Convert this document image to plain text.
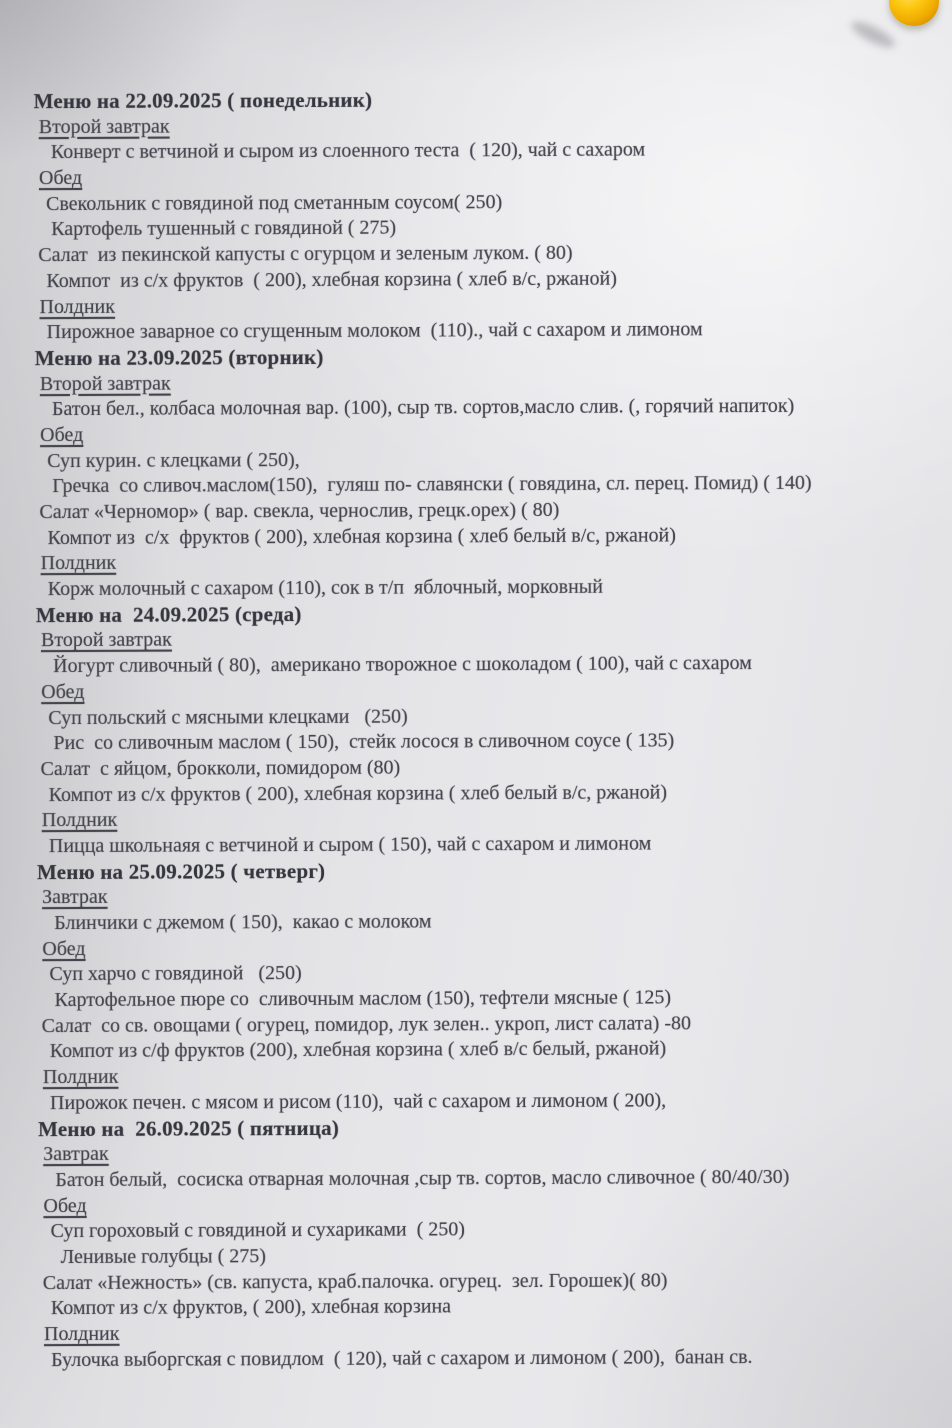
Меню на 22.09.2025 ( понедельник)
Второй завтрак
Конверт с ветчиной и сыром из слоенного теста  ( 120), чай с сахаром
Обед
Свекольник с говядиной под сметанным соусом( 250)
Картофель тушенный с говядиной ( 275)
Салат  из пекинской капусты с огурцом и зеленым луком. ( 80)
Компот  из с/х фруктов  ( 200), хлебная корзина ( хлеб в/с, ржаной)
Полдник
Пирожное заварное со сгущенным молоком  (110)., чай с сахаром и лимоном
Меню на 23.09.2025 (вторник)
Второй завтрак
Батон бел., колбаса молочная вар. (100), сыр тв. сортов,масло слив. (, горячий напиток)
Обед
Суп курин. с клецками ( 250),
Гречка  со сливоч.маслом(150),  гуляш по- славянски ( говядина, сл. перец. Помид) ( 140)
Салат «Черномор» ( вар. свекла, чернослив, грецк.орех) ( 80)
Компот из  с/х  фруктов ( 200), хлебная корзина ( хлеб белый в/с, ржаной)
Полдник
Корж молочный с сахаром (110), сок в т/п  яблочный, морковный
Меню на  24.09.2025 (среда)
Второй завтрак
Йогурт сливочный ( 80),  американо творожное с шоколадом ( 100), чай с сахаром
Обед
Суп польский с мясными клецками   (250)
Рис  со сливочным маслом ( 150),  стейк лосося в сливочном соусе ( 135)
Салат  с яйцом, брокколи, помидором (80)
Компот из с/х фруктов ( 200), хлебная корзина ( хлеб белый в/с, ржаной)
Полдник
Пицца школьнаяя с ветчиной и сыром ( 150), чай с сахаром и лимоном
Меню на 25.09.2025 ( четверг)
Завтрак
Блинчики с джемом ( 150),  какао с молоком
Обед
Суп харчо с говядиной   (250)
Картофельное пюре со  сливочным маслом (150), тефтели мясные ( 125)
Салат  со св. овощами ( огурец, помидор, лук зелен.. укроп, лист салата) -80
Компот из с/ф фруктов (200), хлебная корзина ( хлеб в/с белый, ржаной)
Полдник
Пирожок печен. с мясом и рисом (110),  чай с сахаром и лимоном ( 200),
Меню на  26.09.2025 ( пятница)
Завтрак
Батон белый,  сосиска отварная молочная ,сыр тв. сортов, масло сливочное ( 80/40/30)
Обед
Суп гороховый с говядиной и сухариками  ( 250)
Ленивые голубцы ( 275)
Салат «Нежность» (св. капуста, краб.палочка. огурец.  зел. Горошек)( 80)
Компот из с/х фруктов, ( 200), хлебная корзина
Полдник
Булочка выборгская с повидлом  ( 120), чай с сахаром и лимоном ( 200),  банан св.
